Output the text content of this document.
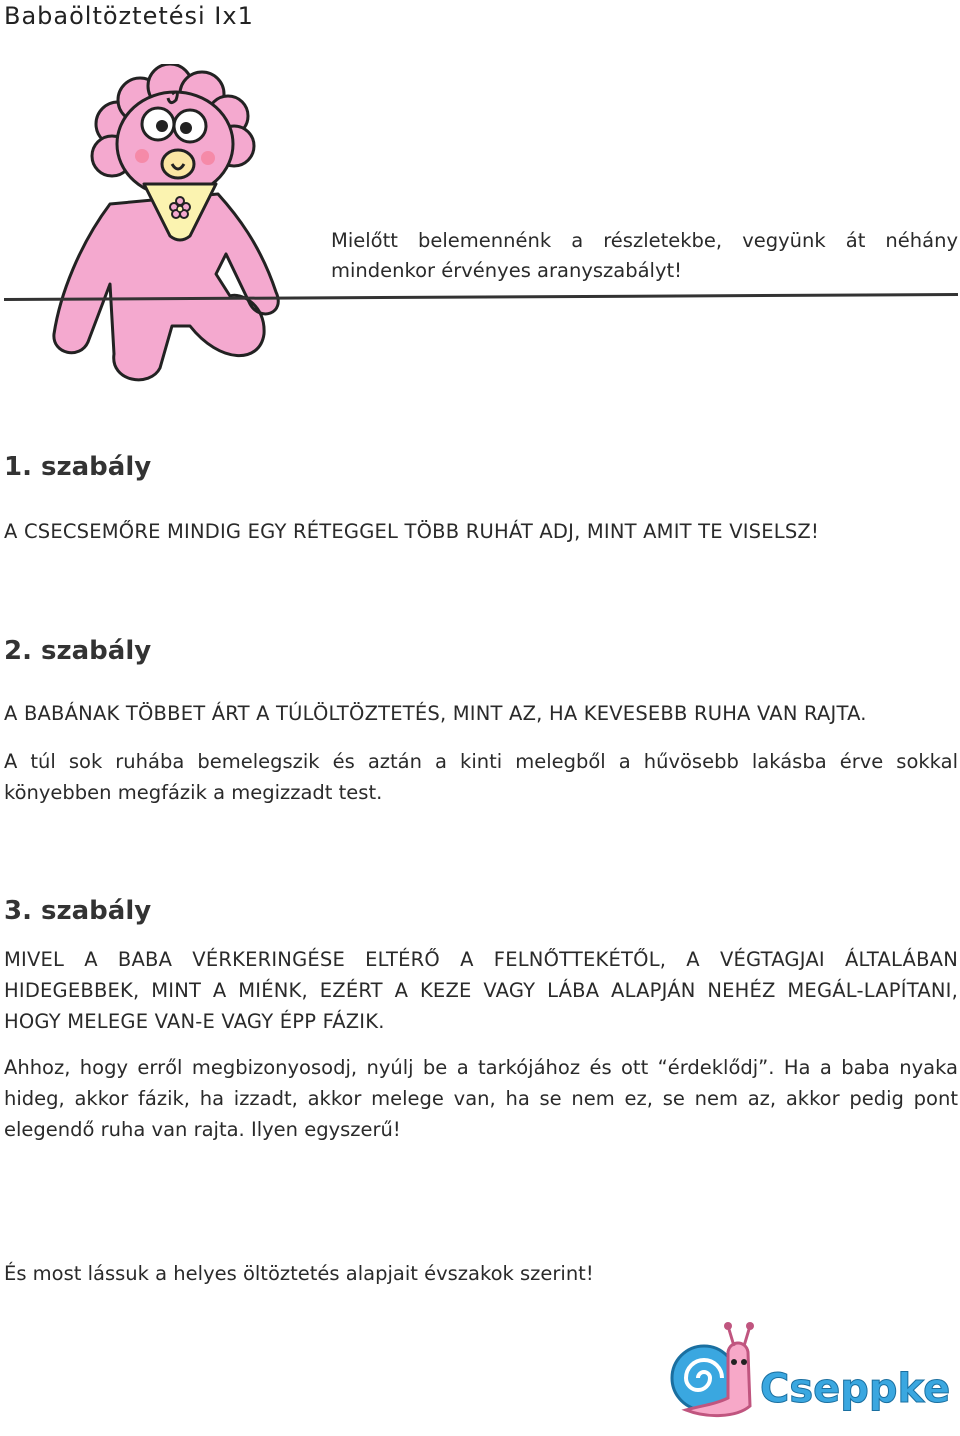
Babaöltöztetési Ix1
Mielőtt belemennénk a részletekbe, vegyünk át néhány mindenkor érvényes aranyszabályt!
1. szabály
A CSECSEMŐRE MINDIG EGY RÉTEGGEL TÖBB RUHÁT ADJ, MINT AMIT TE VISELSZ!
2. szabály
A BABÁNAK TÖBBET ÁRT A TÚLÖLTÖZTETÉS, MINT AZ, HA KEVESEBB RUHA VAN RAJTA.
A túl sok ruhába bemelegszik és aztán a kinti melegből a hűvösebb lakásba érve sokkal könyebben megfázik a megizzadt test.
3. szabály
MIVEL A BABA VÉRKERINGÉSE ELTÉRŐ A FELNŐTTEKÉTŐL, A VÉGTAGJAI ÁLTALÁBAN HIDEGEBBEK, MINT A MIÉNK, EZÉRT A KEZE VAGY LÁBA ALAPJÁN NEHÉZ MEGÁL-LAPÍTANI, HOGY MELEGE VAN-E VAGY ÉPP FÁZIK.
Ahhoz, hogy erről megbizonyosodj, nyúlj be a tarkójához és ott “érdeklődj”. Ha a baba nyaka hideg, akkor fázik, ha izzadt, akkor melege van, ha se nem ez, se nem az, akkor pedig pont elegendő ruha van rajta. Ilyen egyszerű!
És most lássuk a helyes öltöztetés alapjait évszakok szerint!
Cseppke
